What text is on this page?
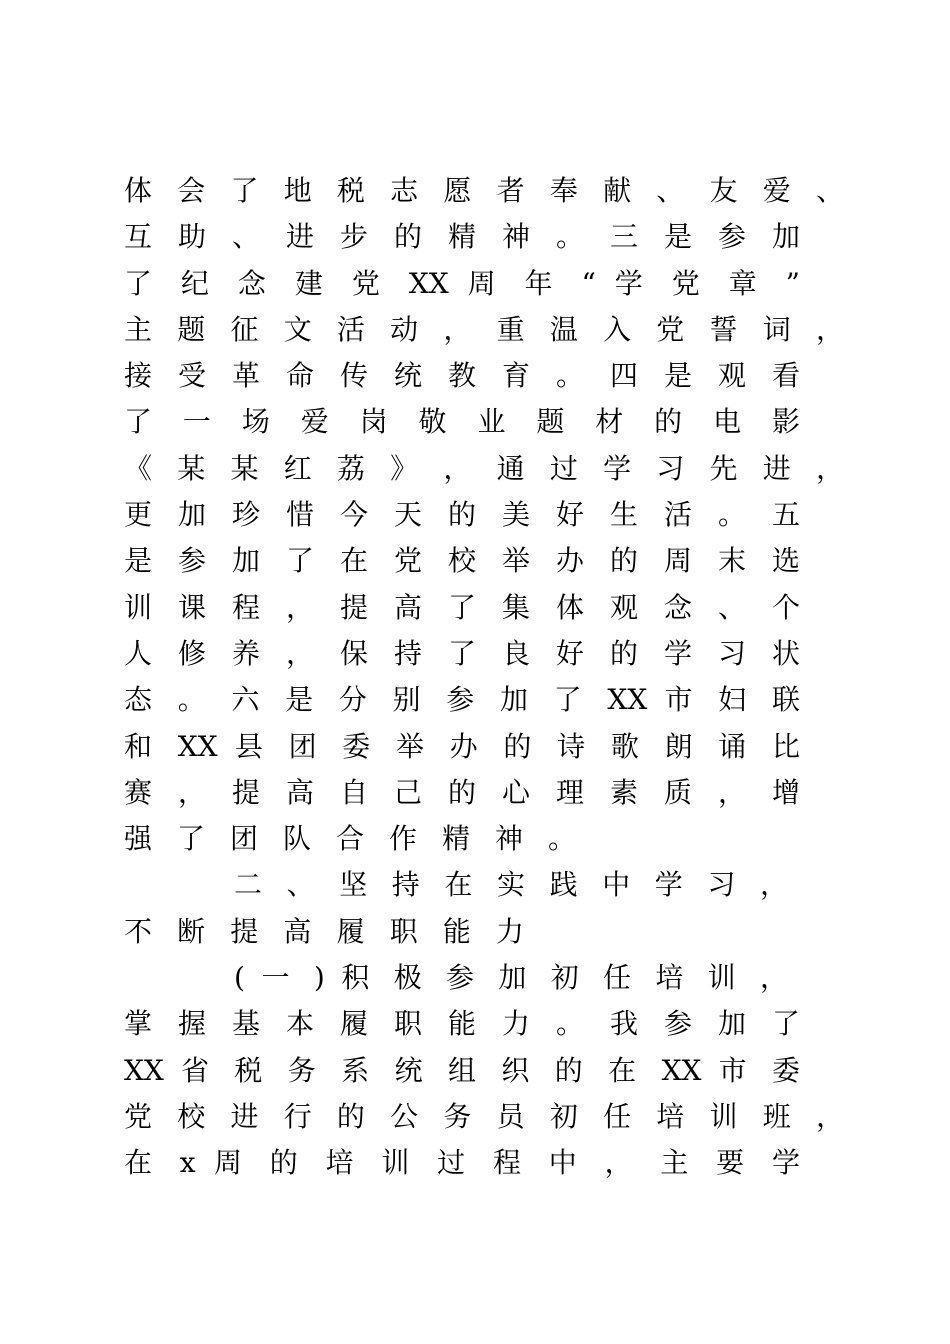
体 会 了 地 税 志 愿 者 奉 献 、 友 爱 、
互 助 、 进 步 的 精 神 。 三 是 参 加
了 纪 念 建 党 XX 周 年 “ 学 党 章 ”
主 题 征 文 活 动 ， 重 温 入 党 誓 词 ，
接 受 革 命 传 统 教 育 。 四 是 观 看
了 一 场 爱 岗 敬 业 题 材 的 电 影
《 某 某 红 荔 》 ， 通 过 学 习 先 进 ，
更 加 珍 惜 今 天 的 美 好 生 活 。 五
是 参 加 了 在 党 校 举 办 的 周 末 选
训 课 程 ， 提 高 了 集 体 观 念 、 个
人 修 养 ， 保 持 了 良 好 的 学 习 状
态 。 六 是 分 别 参 加 了 XX 市 妇 联
和 XX 县 团 委 举 办 的 诗 歌 朗 诵 比
赛 ， 提 高 自 己 的 心 理 素 质 ， 增
强 了 团 队 合 作 精 神 。
二 、 坚 持 在 实 践 中 学 习 ，
不 断 提 高 履 职 能 力
( 一 ) 积 极 参 加 初 任 培 训 ，
掌 握 基 本 履 职 能 力 。 我 参 加 了
XX 省 税 务 系 统 组 织 的 在 XX 市 委
党 校 进 行 的 公 务 员 初 任 培 训 班 ，
在 x 周 的 培 训 过 程 中 ， 主 要 学
